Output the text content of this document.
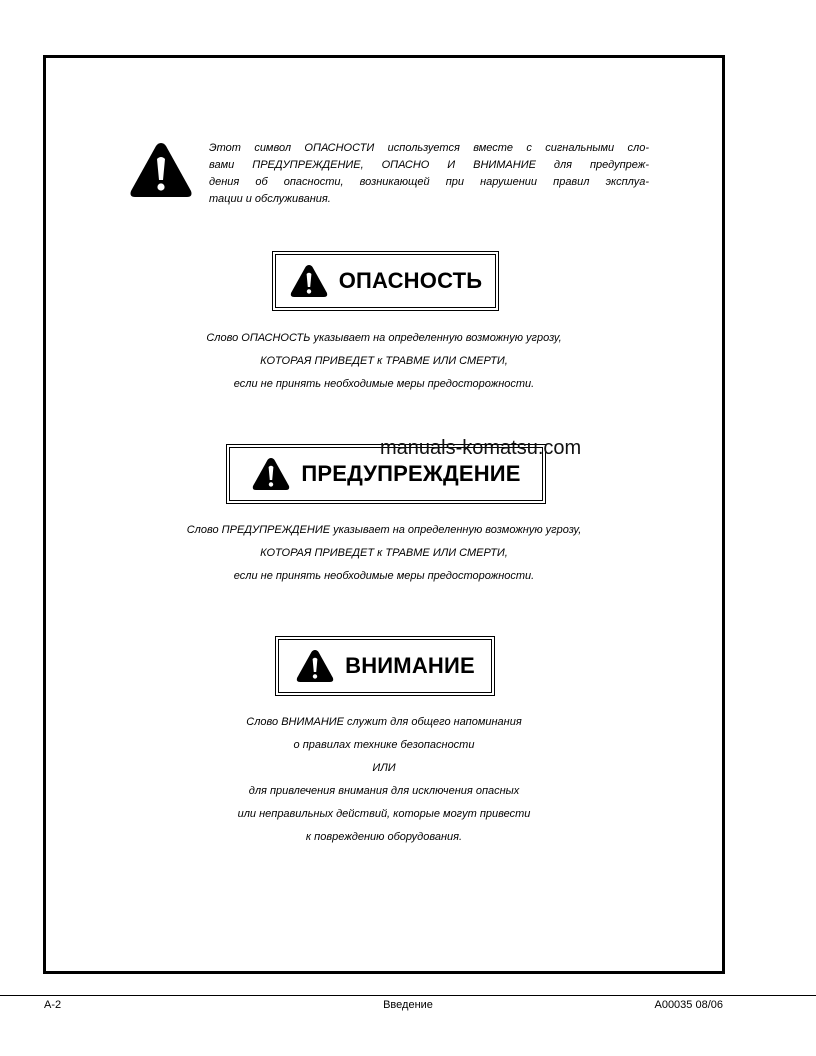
Этот символ ОПАСНОСТИ используется вместе с сигнальными сло-
вами ПРЕДУПРЕЖДЕНИЕ, ОПАСНО И ВНИМАНИЕ для предупреж-
дения об опасности, возникающей при нарушении правил эксплуа-
тации и обслуживания.
ОПАСНОСТЬ
Слово ОПАСНОСТЬ указывает на определенную возможную угрозу,
КОТОРАЯ ПРИВЕДЕТ к ТРАВМЕ ИЛИ СМЕРТИ,
если не принять необходимые меры предосторожности.
ПРЕДУПРЕЖДЕНИЕ
Слово ПРЕДУПРЕЖДЕНИЕ указывает на определенную возможную угрозу,
КОТОРАЯ ПРИВЕДЕТ к ТРАВМЕ ИЛИ СМЕРТИ,
если не принять необходимые меры предосторожности.
ВНИМАНИЕ
Слово ВНИМАНИЕ служит для общего напоминания
о правилах технике безопасности
ИЛИ
для привлечения внимания для исключения опасных
или неправильных действий, которые могут привести
к повреждению оборудования.
manuals-komatsu.com
A-2	Введение	A00035 08/06
